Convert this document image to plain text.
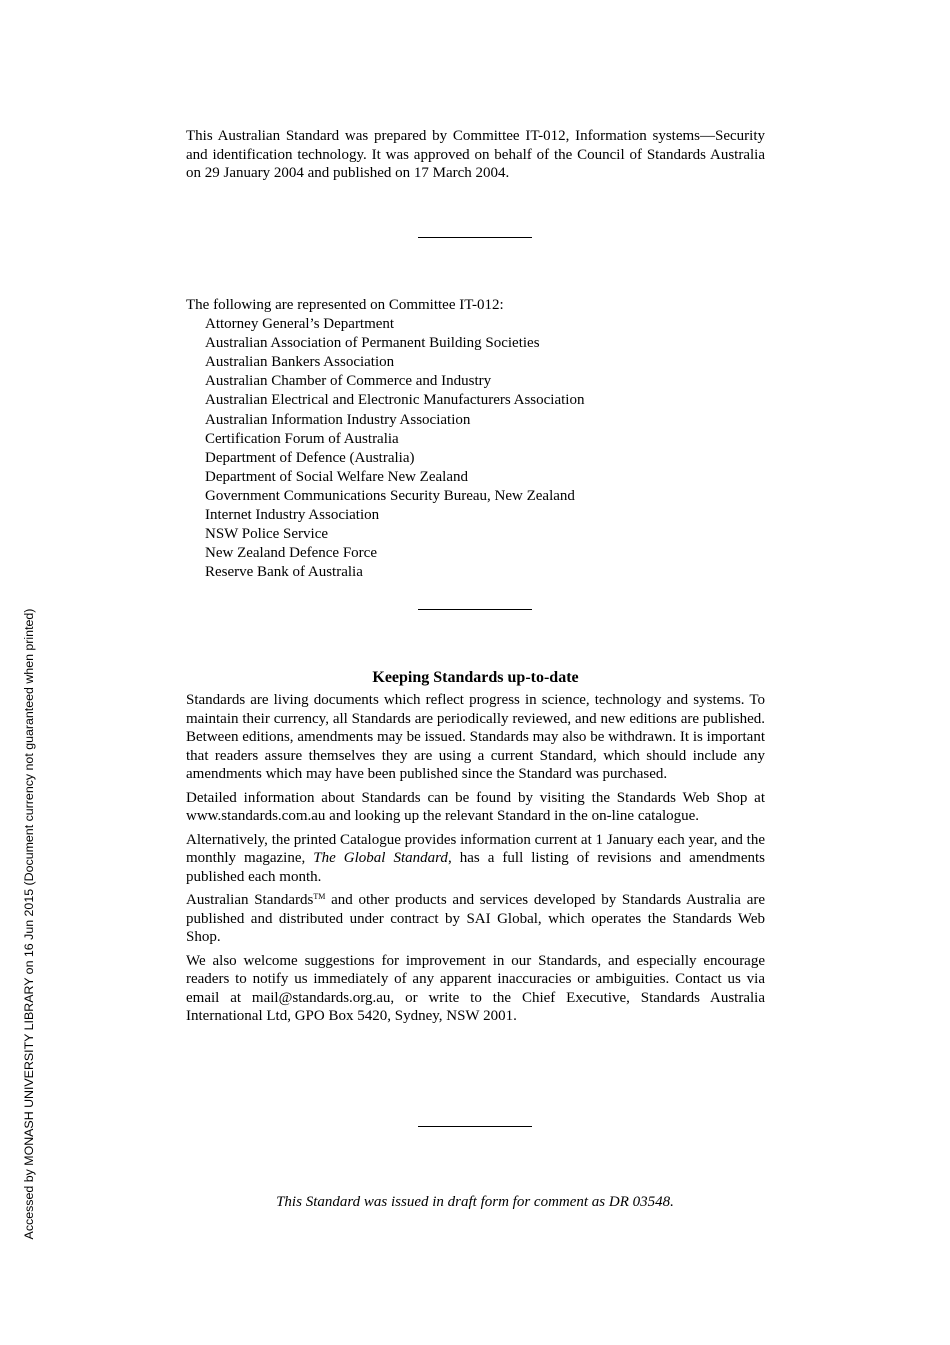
This Australian Standard was prepared by Committee IT-012, Information systems—Security and identification technology. It was approved on behalf of the Council of Standards Australia on 29 January 2004 and published on 17 March 2004.
The following are represented on Committee IT-012:
Attorney General’s Department
Australian Association of Permanent Building Societies
Australian Bankers Association
Australian Chamber of Commerce and Industry
Australian Electrical and Electronic Manufacturers Association
Australian Information Industry Association
Certification Forum of Australia
Department of Defence (Australia)
Department of Social Welfare New Zealand
Government Communications Security Bureau, New Zealand
Internet Industry Association
NSW Police Service
New Zealand Defence Force
Reserve Bank of Australia
Keeping Standards up-to-date

Standards are living documents which reflect progress in science, technology and systems. To maintain their currency, all Standards are periodically reviewed, and new editions are published. Between editions, amendments may be issued. Standards may also be withdrawn. It is important that readers assure themselves they are using a current Standard, which should include any amendments which may have been published since the Standard was purchased.

Detailed information about Standards can be found by visiting the Standards Web Shop at www.standards.com.au and looking up the relevant Standard in the on-line catalogue.

Alternatively, the printed Catalogue provides information current at 1 January each year, and the monthly magazine, The Global Standard, has a full listing of revisions and amendments published each month.

Australian Standards™ and other products and services developed by Standards Australia are published and distributed under contract by SAI Global, which operates the Standards Web Shop.

We also welcome suggestions for improvement in our Standards, and especially encourage readers to notify us immediately of any apparent inaccuracies or ambiguities. Contact us via email at mail@standards.org.au, or write to the Chief Executive, Standards Australia International Ltd, GPO Box 5420, Sydney, NSW 2001.

This Standard was issued in draft form for comment as DR 03548.
Accessed by MONASH UNIVERSITY LIBRARY on 16 Jun 2015 (Document currency not guaranteed when printed)
